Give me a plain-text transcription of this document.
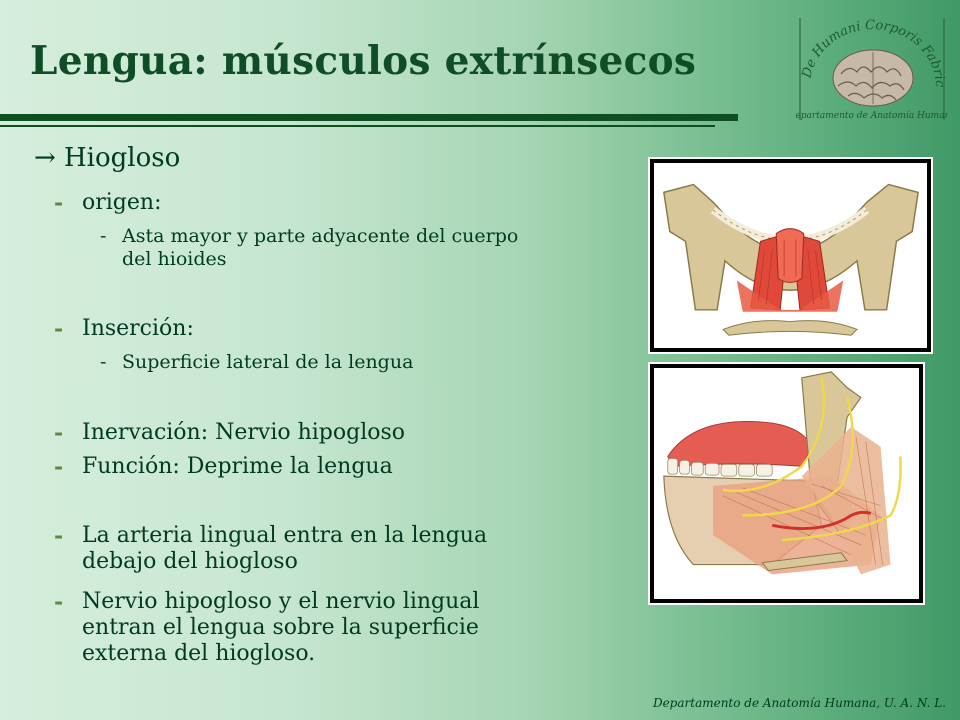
Lengua: músculos extrínsecos	De Humani Corporis Fabric
Departamento de Anatomía Humana
→ Hiogloso
- origen:
- Asta mayor y parte adyacente del cuerpo del hioides
- Inserción:
- Superficie lateral de la lengua
- Inervación: Nervio hipogloso
- Función: Deprime la lengua
- La arteria lingual entra en la lengua debajo del hiogloso
- Nervio hipogloso y el nervio lingual entran el lengua sobre la superficie externa del hiogloso.
Departamento de Anatomía Humana, U. A. N. L.
